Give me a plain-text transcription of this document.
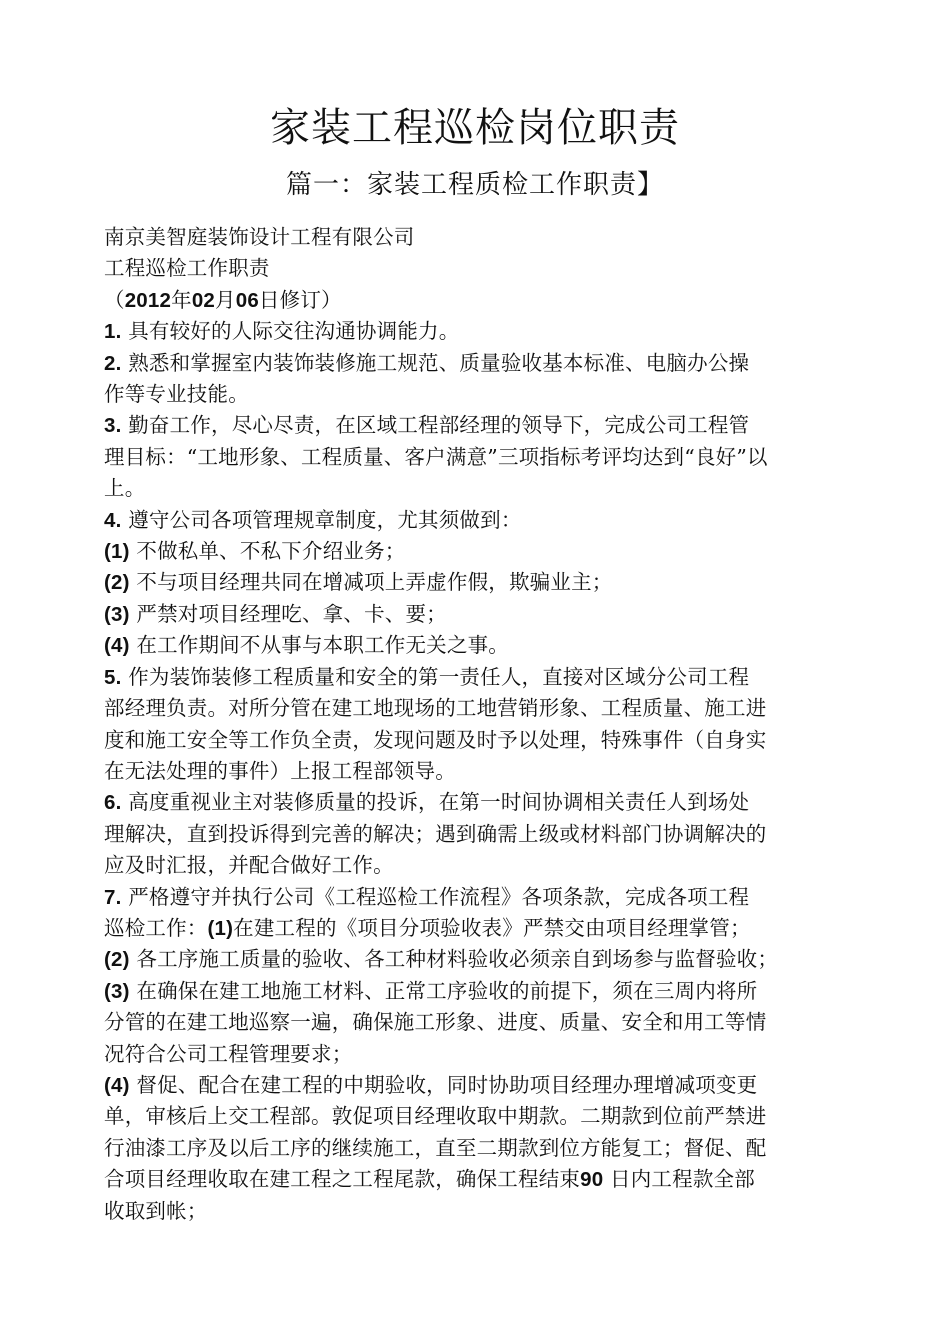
家装工程巡检岗位职责
篇一：家装工程质检工作职责】

南京美智庭装饰设计工程有限公司

工程巡检工作职责

（2012年02月06日修订）

1. 具有较好的人际交往沟通协调能力。

2. 熟悉和掌握室内装饰装修施工规范、质量验收基本标准、电脑办公操

作等专业技能。

3. 勤奋工作，尽心尽责，在区域工程部经理的领导下，完成公司工程管

理目标：“工地形象、工程质量、客户满意”三项指标考评均达到“良好”以

上。

4. 遵守公司各项管理规章制度，尤其须做到：

(1) 不做私单、不私下介绍业务；

(2) 不与项目经理共同在增减项上弄虚作假，欺骗业主；

(3) 严禁对项目经理吃、拿、卡、要；

(4) 在工作期间不从事与本职工作无关之事。

5. 作为装饰装修工程质量和安全的第一责任人，直接对区域分公司工程

部经理负责。对所分管在建工地现场的工地营销形象、工程质量、施工进

度和施工安全等工作负全责，发现问题及时予以处理，特殊事件（自身实

在无法处理的事件）上报工程部领导。

6. 高度重视业主对装修质量的投诉，在第一时间协调相关责任人到场处

理解决，直到投诉得到完善的解决；遇到确需上级或材料部门协调解决的

应及时汇报，并配合做好工作。

7. 严格遵守并执行公司《工程巡检工作流程》各项条款，完成各项工程

巡检工作：(1)在建工程的《项目分项验收表》严禁交由项目经理掌管；

(2) 各工序施工质量的验收、各工种材料验收必须亲自到场参与监督验收；

(3) 在确保在建工地施工材料、正常工序验收的前提下，须在三周内将所

分管的在建工地巡察一遍，确保施工形象、进度、质量、安全和用工等情

况符合公司工程管理要求；

(4) 督促、配合在建工程的中期验收，同时协助项目经理办理增减项变更

单，审核后上交工程部。敦促项目经理收取中期款。二期款到位前严禁进

行油漆工序及以后工序的继续施工，直至二期款到位方能复工；督促、配

合项目经理收取在建工程之工程尾款，确保工程结束90 日内工程款全部

收取到帐；
